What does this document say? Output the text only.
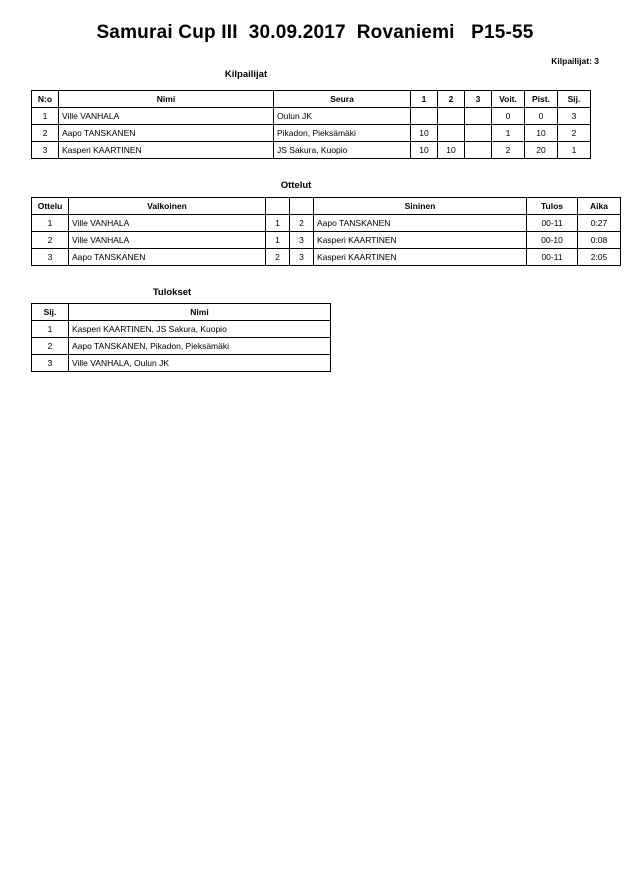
Samurai Cup III  30.09.2017  Rovaniemi   P15-55
Kilpailijat: 3
Kilpailijat
N:o	Nimi	Seura	1	2	3	Voit.	Pist.	Sij.
1	Ville VANHALA	Oulun JK				0	0	3
2	Aapo TANSKANEN	Pikadon, Pieksämäki	10			1	10	2
3	Kasperi KAARTINEN	JS Sakura, Kuopio	10	10		2	20	1
Ottelut
Ottelu	Valkoinen			Sininen	Tulos	Aika
1	Ville VANHALA	1	2	Aapo TANSKANEN	00-11	0:27
2	Ville VANHALA	1	3	Kasperi KAARTINEN	00-10	0:08
3	Aapo TANSKANEN	2	3	Kasperi KAARTINEN	00-11	2:05
Tulokset
Sij.	Nimi
1	Kasperi KAARTINEN, JS Sakura, Kuopio
2	Aapo TANSKANEN, Pikadon, Pieksämäki
3	Ville VANHALA, Oulun JK
